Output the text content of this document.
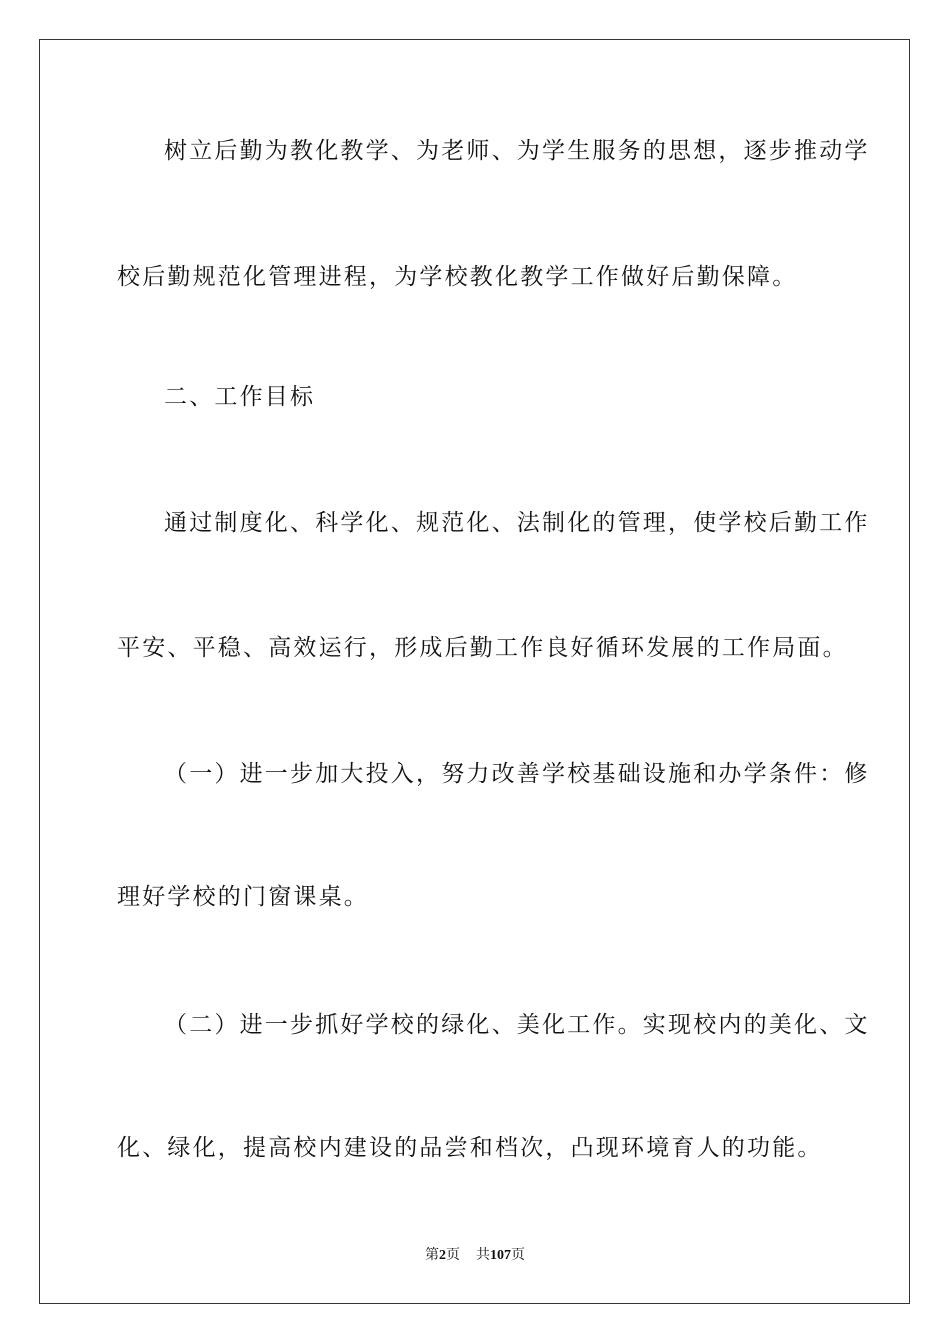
树立后勤为教化教学、为老师、为学生服务的思想，逐步推动学
校后勤规范化管理进程，为学校教化教学工作做好后勤保障。
二、工作目标
通过制度化、科学化、规范化、法制化的管理，使学校后勤工作
平安、平稳、高效运行，形成后勤工作良好循环发展的工作局面。
（一）进一步加大投入，努力改善学校基础设施和办学条件：修
理好学校的门窗课桌。
（二）进一步抓好学校的绿化、美化工作。实现校内的美化、文
化、绿化，提高校内建设的品尝和档次，凸现环境育人的功能。
第2页 共107页
